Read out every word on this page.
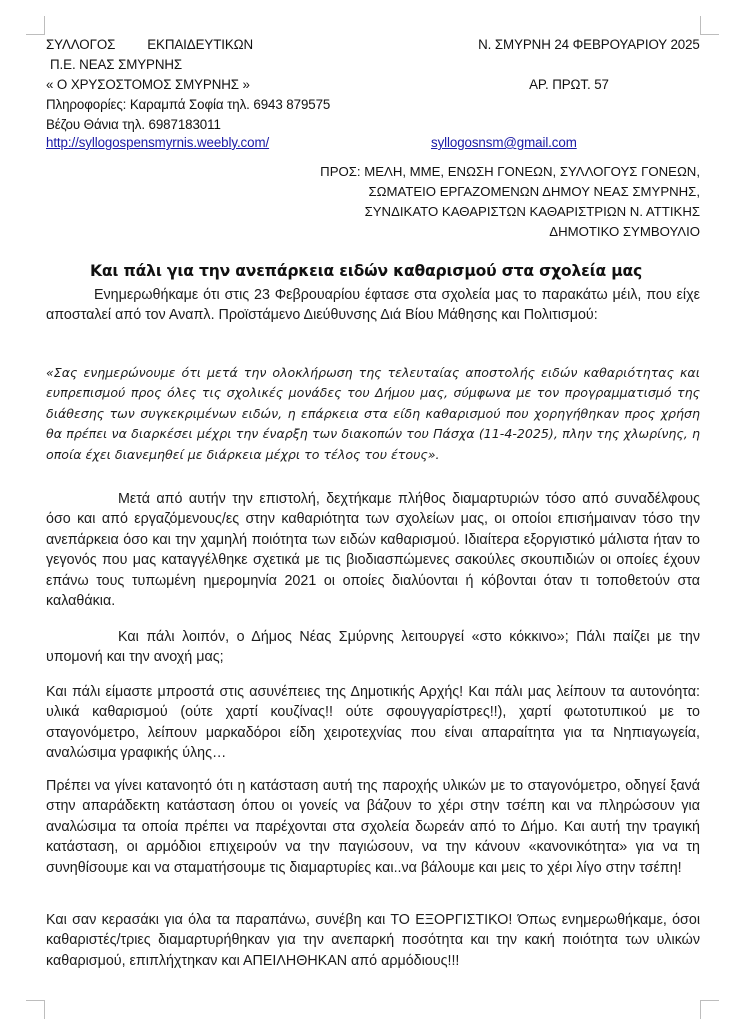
ΣΥΛΛΟΓΟΣ ΕΚΠΑΙΔΕΥΤΙΚΩΝ
Π.Ε. ΝΕΑΣ ΣΜΥΡΝΗΣ
« Ο ΧΡΥΣΟΣΤΟΜΟΣ ΣΜΥΡΝΗΣ »
Πληροφορίες: Καραμπά Σοφία τηλ. 6943 879575
Βέζου Θάνια τηλ. 6987183011
http://syllogospensmyrnis.weebly.com/
Ν. ΣΜΥΡΝΗ 24 ΦΕΒΡΟΥΑΡΙΟΥ 2025
ΑΡ. ΠΡΩΤ. 57
syllogosnsm@gmail.com
ΠΡΟΣ: ΜΕΛΗ, ΜΜΕ, ΕΝΩΣΗ ΓΟΝΕΩΝ, ΣΥΛΛΟΓΟΥΣ ΓΟΝΕΩΝ,
ΣΩΜΑΤΕΙΟ ΕΡΓΑΖΟΜΕΝΩΝ ΔΗΜΟΥ ΝΕΑΣ ΣΜΥΡΝΗΣ,
ΣΥΝΔΙΚΑΤΟ ΚΑΘΑΡΙΣΤΩΝ ΚΑΘΑΡΙΣΤΡΙΩΝ Ν. ΑΤΤΙΚΗΣ
ΔΗΜΟΤΙΚΟ ΣΥΜΒΟΥΛΙΟ
Και πάλι για την ανεπάρκεια ειδών καθαρισμού στα σχολεία μας

Ενημερωθήκαμε ότι στις 23 Φεβρουαρίου έφτασε στα σχολεία μας το παρακάτω μέιλ, που είχε αποσταλεί από τον Αναπλ. Προϊστάμενο Διεύθυνσης Διά Βίου Μάθησης και Πολιτισμού:

«Σας ενημερώνουμε ότι μετά την ολοκλήρωση της τελευταίας αποστολής ειδών καθαριότητας και ευπρεπισμού προς όλες τις σχολικές μονάδες του Δήμου μας, σύμφωνα με τον προγραμματισμό της διάθεσης των συγκεκριμένων ειδών, η επάρκεια στα είδη καθαρισμού που χορηγήθηκαν προς χρήση θα πρέπει να διαρκέσει μέχρι την έναρξη των διακοπών του Πάσχα (11-4-2025), πλην της χλωρίνης, η οποία έχει διανεμηθεί με διάρκεια μέχρι το τέλος του έτους».

Μετά από αυτήν την επιστολή, δεχτήκαμε πλήθος διαμαρτυριών τόσο από συναδέλφους όσο και από εργαζόμενους/ες στην καθαριότητα των σχολείων μας, οι οποίοι επισήμαιναν τόσο την ανεπάρκεια όσο και την χαμηλή ποιότητα των ειδών καθαρισμού. Ιδιαίτερα εξοργιστικό μάλιστα ήταν το γεγονός που μας καταγγέλθηκε σχετικά με τις βιοδιασπώμενες σακούλες σκουπιδιών οι οποίες έχουν επάνω τους τυπωμένη ημερομηνία 2021 οι οποίες διαλύονται ή κόβονται όταν τι τοποθετούν στα καλαθάκια.

Και πάλι λοιπόν, ο Δήμος Νέας Σμύρνης λειτουργεί «στο κόκκινο»; Πάλι παίζει με την υπομονή και την ανοχή μας;

Και πάλι είμαστε μπροστά στις ασυνέπειες της Δημοτικής Αρχής! Και πάλι μας λείπουν τα αυτονόητα: υλικά καθαρισμού (ούτε χαρτί κουζίνας!! ούτε σφουγγαρίστρες!!), χαρτί φωτοτυπικού με το σταγονόμετρο, λείπουν μαρκαδόροι είδη χειροτεχνίας που είναι απαραίτητα για τα Νηπιαγωγεία, αναλώσιμα γραφικής ύλης…

Πρέπει να γίνει κατανοητό ότι η κατάσταση αυτή της παροχής υλικών με το σταγονόμετρο, οδηγεί ξανά στην απαράδεκτη κατάσταση όπου οι γονείς να βάζουν το χέρι στην τσέπη και να πληρώσουν για αναλώσιμα τα οποία πρέπει να παρέχονται στα σχολεία δωρεάν από το Δήμο. Και αυτή την τραγική κατάσταση, οι αρμόδιοι επιχειρούν να την παγιώσουν, να την κάνουν «κανονικότητα» για να τη συνηθίσουμε και να σταματήσουμε τις διαμαρτυρίες και..να βάλουμε και μεις το χέρι λίγο στην τσέπη!

Και σαν κερασάκι για όλα τα παραπάνω, συνέβη και ΤΟ ΕΞΟΡΓΙΣΤΙΚΟ! Όπως ενημερωθήκαμε, όσοι καθαριστές/τριες διαμαρτυρήθηκαν για την ανεπαρκή ποσότητα και την κακή ποιότητα των υλικών καθαρισμού, επιπλήχτηκαν και ΑΠΕΙΛΗΘΗΚΑΝ από αρμόδιους!!!
